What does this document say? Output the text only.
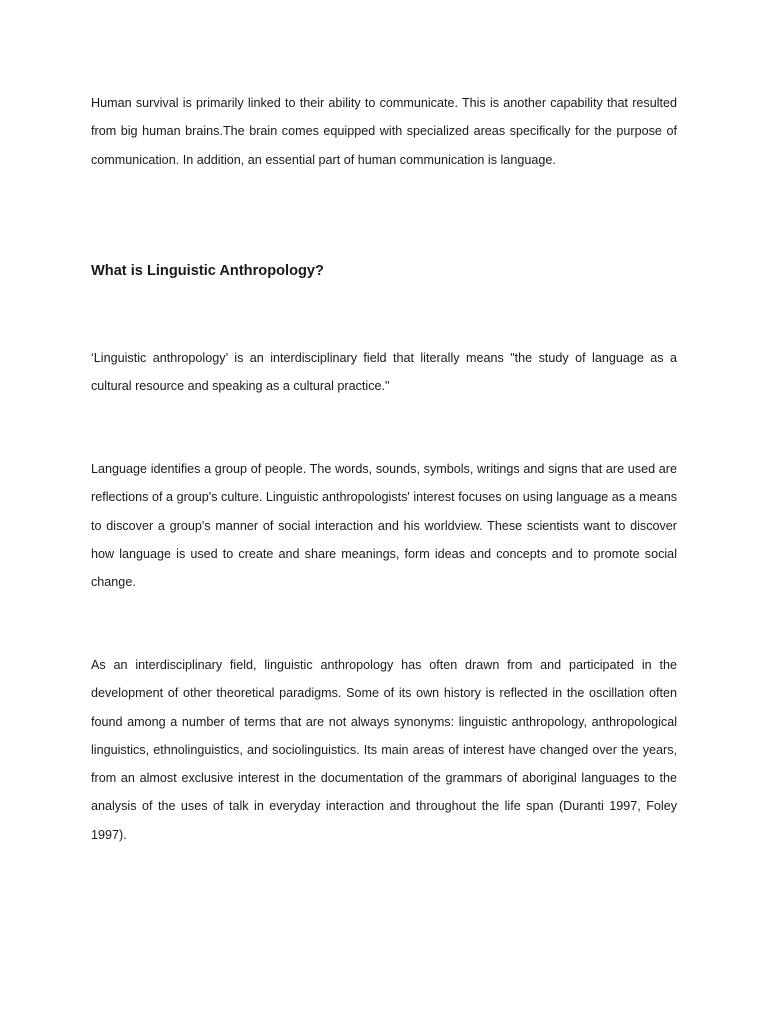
Human survival is primarily linked to their ability to communicate. This is another capability that resulted from big human brains.The brain comes equipped with specialized areas specifically for the purpose of communication. In addition, an essential part of human communication is language.

What is Linguistic Anthropology?

‘Linguistic anthropology’ is an interdisciplinary field that literally means "the study of language as a cultural resource and speaking as a cultural practice."

Language identifies a group of people. The words, sounds, symbols, writings and signs that are used are reflections of a group's culture. Linguistic anthropologists' interest focuses on using language as a means to discover a group's manner of social interaction and his worldview. These scientists want to discover how language is used to create and share meanings, form ideas and concepts and to promote social change.

As an interdisciplinary field, linguistic anthropology has often drawn from and participated in the development of other theoretical paradigms. Some of its own history is reflected in the oscillation often found among a number of terms that are not always synonyms: linguistic anthropology, anthropological linguistics, ethnolinguistics, and sociolinguistics. Its main areas of interest have changed over the years, from an almost exclusive interest in the documentation of the grammars of aboriginal languages to the analysis of the uses of talk in everyday interaction and throughout the life span (Duranti 1997, Foley 1997).
